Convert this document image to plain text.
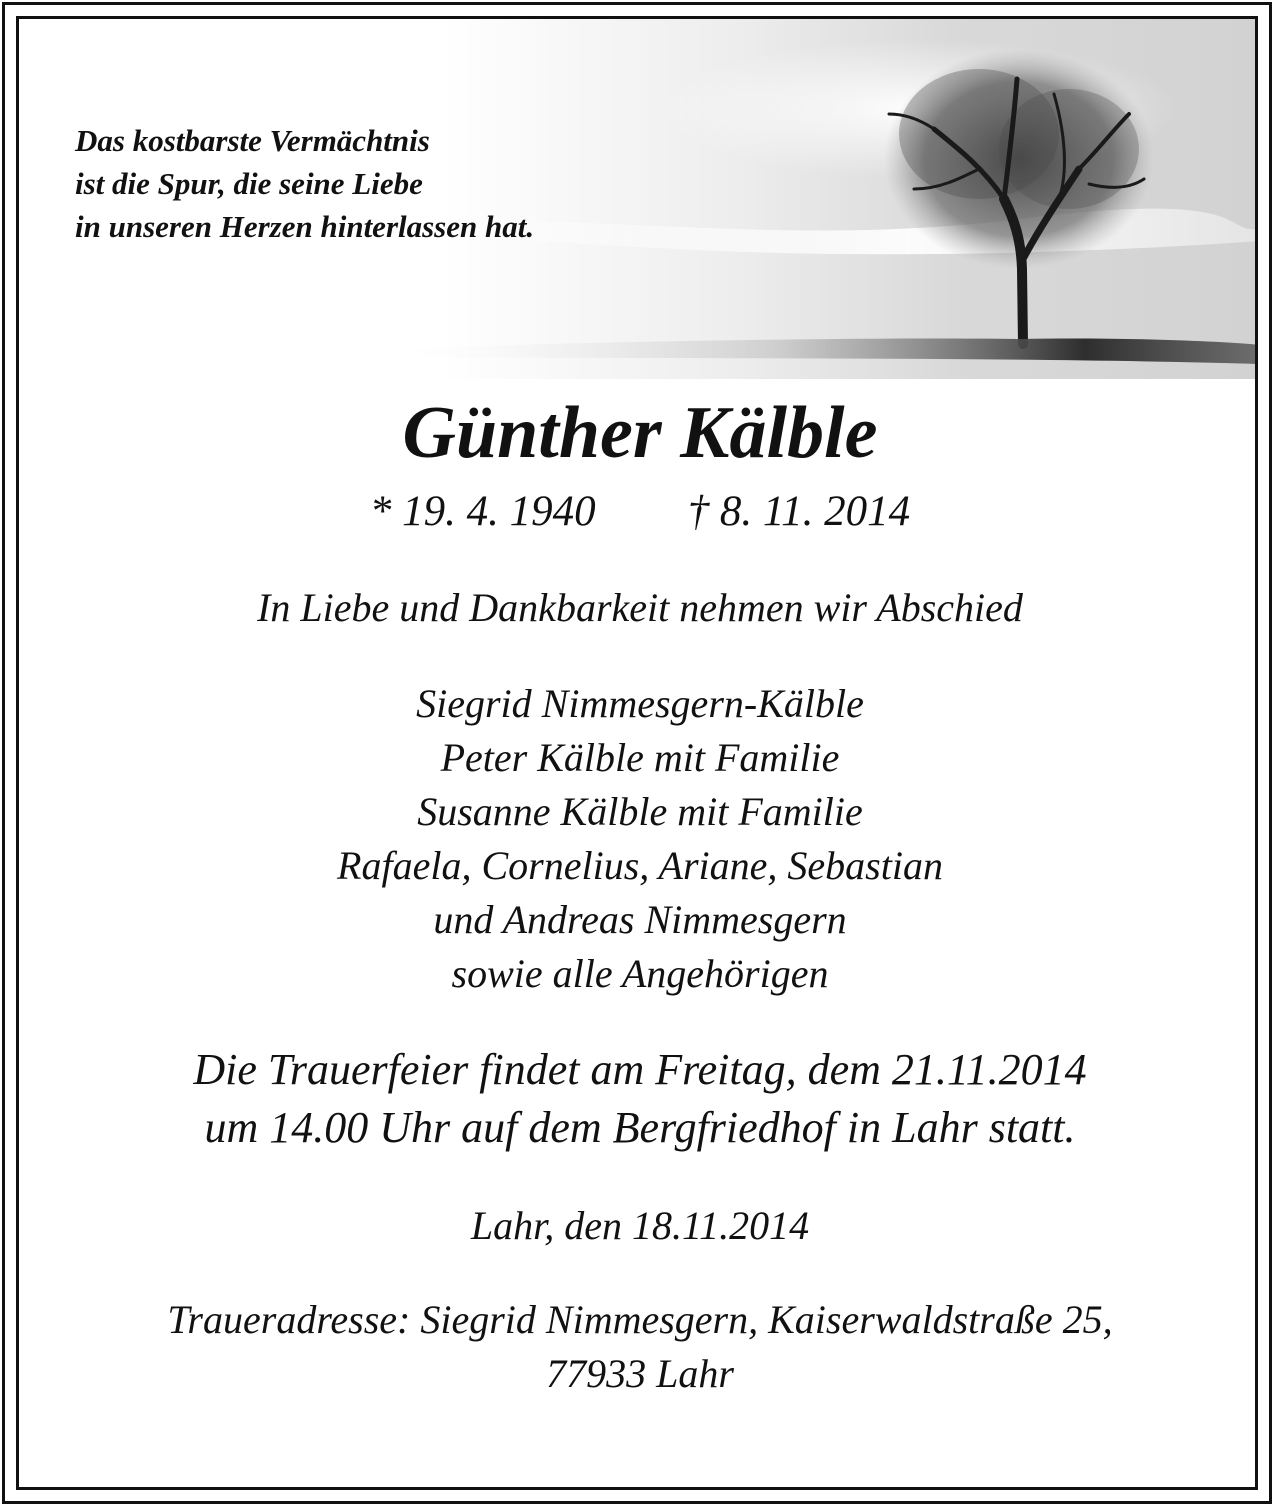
Das kostbarste Vermächtnis
ist die Spur, die seine Liebe
in unseren Herzen hinterlassen hat.
Günther Kälble
* 19. 4. 1940 † 8. 11. 2014
In Liebe und Dankbarkeit nehmen wir Abschied
Siegrid Nimmesgern-Kälble
Peter Kälble mit Familie
Susanne Kälble mit Familie
Rafaela, Cornelius, Ariane, Sebastian
und Andreas Nimmesgern
sowie alle Angehörigen
Die Trauerfeier findet am Freitag, dem 21.11.2014
um 14.00 Uhr auf dem Bergfriedhof in Lahr statt.
Lahr, den 18.11.2014
Traueradresse: Siegrid Nimmesgern, Kaiserwaldstraße 25,
77933 Lahr
